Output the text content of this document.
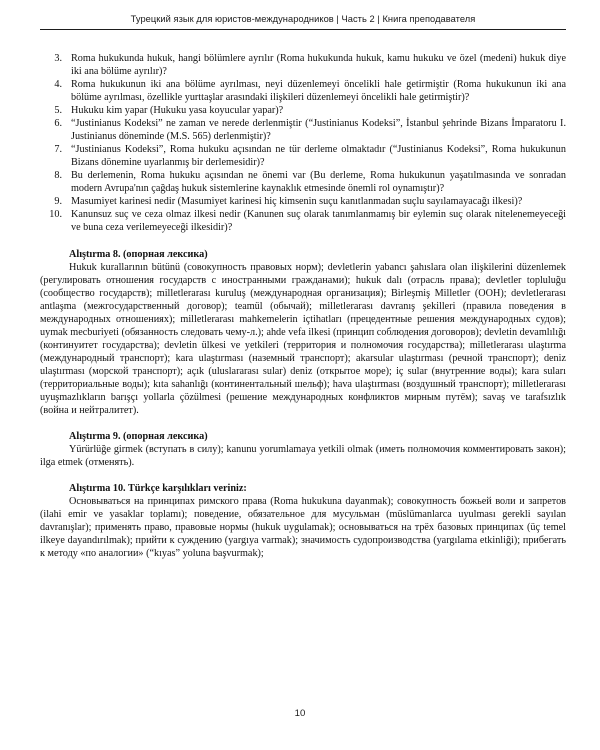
Турецкий язык для юристов-международников | Часть 2 | Книга преподавателя
3. Roma hukukunda hukuk, hangi bölümlere ayrılır (Roma hukukunda hukuk, kamu hukuku ve özel (medeni) hukuk diye iki ana bölüme ayrılır)?
4. Roma hukukunun iki ana bölüme ayrılması, neyi düzenlemeyi öncelikli hale getirmiştir (Roma hukukunun iki ana bölüme ayrılması, özellikle yurttaşlar arasındaki ilişkileri düzenlemeyi öncelikli hale getirmiştir)?
5. Hukuku kim yapar (Hukuku yasa koyucular yapar)?
6. “Justinianus Kodeksi” ne zaman ve nerede derlenmiştir (“Justinianus Kodeksi”, İstanbul şehrinde Bizans İmparatoru I. Justinianus döneminde (M.S. 565) derlenmiştir)?
7. “Justinianus Kodeksi”, Roma hukuku açısından ne tür derleme olmaktadır (“Justinianus Kodeksi”, Roma hukukunun Bizans dönemine uyarlanmış bir derlemesidir)?
8. Bu derlemenin, Roma hukuku açısından ne önemi var (Bu derleme, Roma hukukunun yaşatılmasında ve sonradan modern Avrupa'nın çağdaş hukuk sistemlerine kaynaklık etmesinde önemli rol oynamıştır)?
9. Masumiyet karinesi nedir (Masumiyet karinesi hiç kimsenin suçu kanıtlanmadan suçlu sayılamayacağı ilkesi)?
10. Kanunsuz suç ve ceza olmaz ilkesi nedir (Kanunen suç olarak tanımlanmamış bir eylemin suç olarak nitelenemeyeceği ve buna ceza verilemeyeceği ilkesidir)?
Alıştırma 8. (опорная лексика)
Hukuk kurallarının bütünü (совокупность правовых норм); devletlerin yabancı şahıslara olan ilişkilerini düzenlemek (регулировать отношения государств с иностранными гражданами); hukuk dalı (отрасль права); devletler topluluğu (сообщество государств); milletlerarası kuruluş (международная организация); Birleşmiş Milletler (ООН); devletlerarası antlaşma (межгосударственный договор); teamül (обычай); milletlerarası davranış şekilleri (правила поведения в международных отношениях); milletlerarası mahkemelerin içtihatları (прецедентные решения международных судов); uymak mecburiyeti (обязанность следовать чему-л.); ahde vefa ilkesi (принцип соблюдения договоров); devletin devamlılığı (континуитет государства); devletin ülkesi ve yetkileri (территория и полномочия государства); milletlerarası ulaştırma (международный транспорт); kara ulaştırması (наземный транспорт); akarsular ulaştırması (речной транспорт); deniz ulaştırması (морской транспорт); açık (uluslararası sular) deniz (открытое море); iç sular (внутренние воды); kara suları (территориальные воды); kıta sahanlığı (континентальный шельф); hava ulaştırması (воздушный транспорт); milletlerarası uyuşmazlıkların barışçı yollarla çözülmesi (решение международных конфликтов мирным путём); savaş ve tarafsızlık (война и нейтралитет).
Alıştırma 9. (опорная лексика)
Yürürlüğe girmek (вступать в силу); kanunu yorumlamaya yetkili olmak (иметь полномочия комментировать закон); ilga etmek (отменять).
Alıştırma 10. Türkçe karşılıkları veriniz:
Основываться на принципах римского права (Roma hukukuna dayanmak); совокупность божьей воли и запретов (ilahi emir ve yasaklar toplamı); поведение, обязательное для мусульман (müslümanlarca uyulması gerekli sayılan davranışlar); применять право, правовые нормы (hukuk uygulamak); основываться на трёх базовых принципах (üç temel ilkeye dayandırılmak); прийти к суждению (yargıya varmak); значимость судопроизводства (yargılama etkinliği); прибегать к методу «по аналогии» (“kıyas” yoluna başvurmak);
10
